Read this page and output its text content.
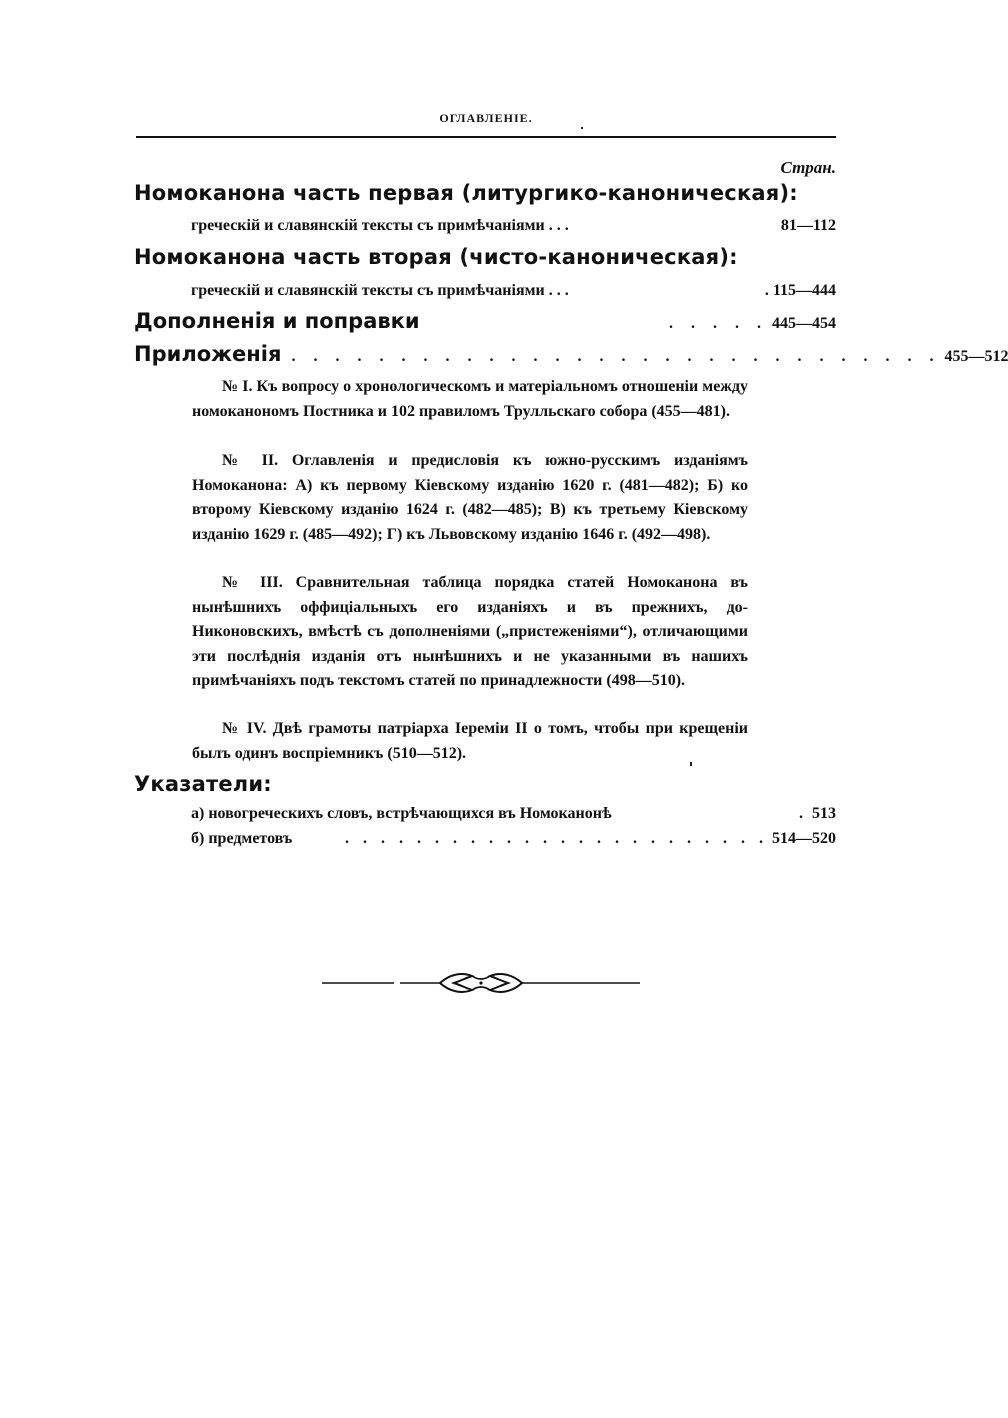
ОГЛАВЛЕНІЕ.
Стран.
Номоканона часть первая (литургико-каноническая):
греческій и славянскій тексты съ примѣчаніями . . .	81—112
Номоканона часть вторая (чисто-каноническая):
греческій и славянскій тексты съ примѣчаніями . . .	. 115—444
Дополненія и поправки	. . . . . 445—454
Приложенія . . . . . . . . . . . . . . . . . . . . . . . . . . . . . . 455—512
№ I. Къ вопросу о хронологическомъ и матеріальномъ отношеніи между номоканономъ Постника и 102 правиломъ Трулльскаго собора (455—481).
№ II. Оглавленія и предисловія къ южно-русскимъ изданіямъ Номоканона: А) къ первому Кіевскому изданію 1620 г. (481—482); Б) ко второму Кіевскому изданію 1624 г. (482—485); В) къ третьему Кіевскому изданію 1629 г. (485—492); Г) къ Львовскому изданію 1646 г. (492—498).
№ III. Сравнительная таблица порядка статей Номоканона въ нынѣшнихъ оффиціальныхъ его изданіяхъ и въ прежнихъ, до-Никоновскихъ, вмѣстѣ съ дополненіями („пристеженіями“), отличающими эти послѣднія изданія отъ нынѣшнихъ и не указанными въ нашихъ примѣчаніяхъ подъ текстомъ статей по принадлежности (498—510).
№ IV. Двѣ грамоты патріарха Іереміи II о томъ, чтобы при крещеніи былъ одинъ воспріемникъ (510—512).
Указатели:
а) новогреческихъ словъ, встрѣчающихся въ Номоканонѣ	. 513
б) предметовъ	. . . . . . . . . . . . . . . . . . . . . . . . 514—520
